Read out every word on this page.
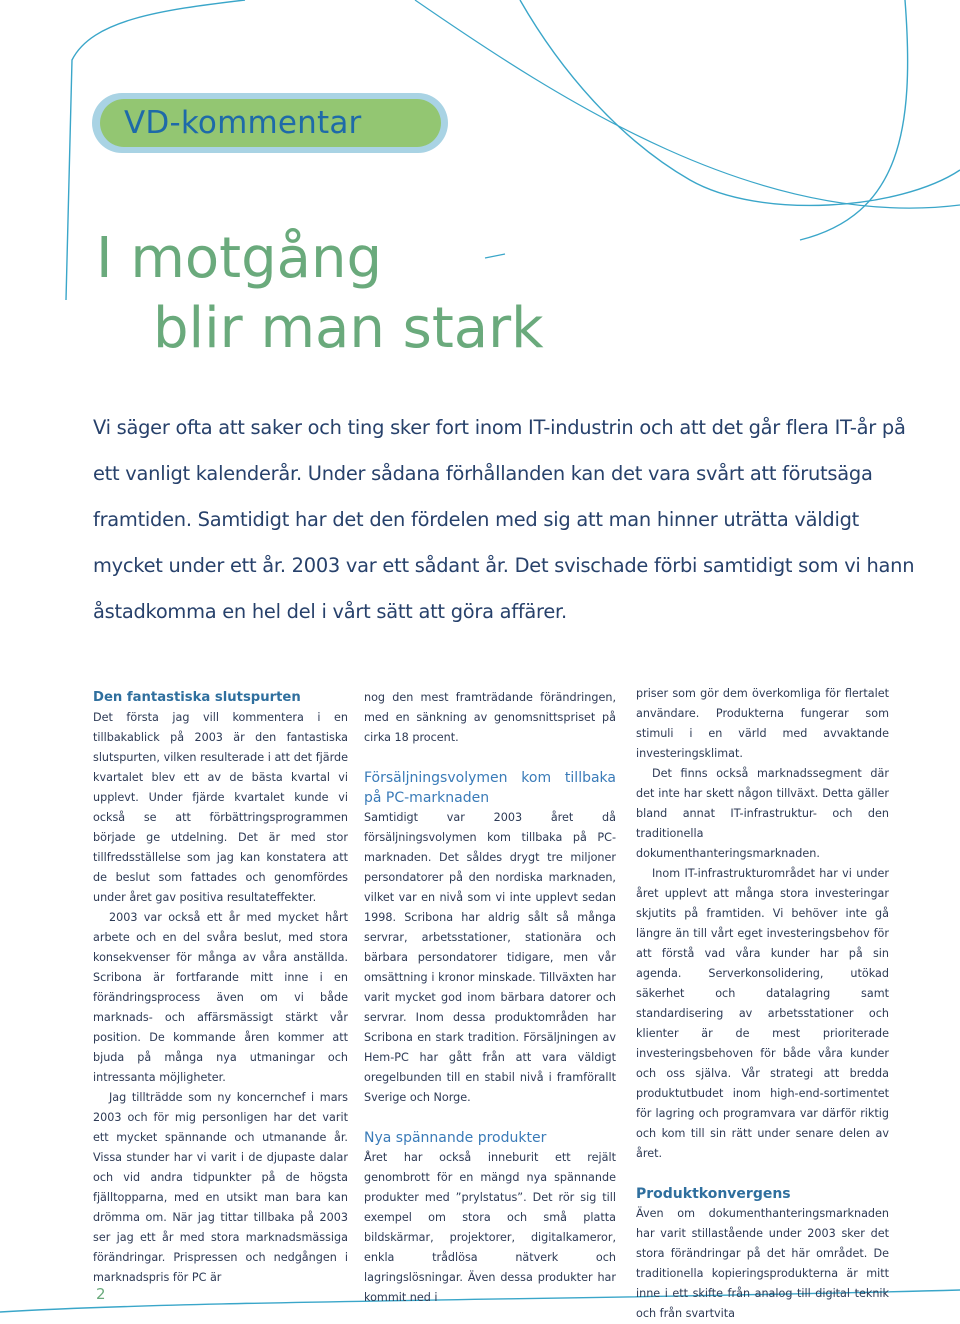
VD-kommentar
I motgång
blir man stark

Vi säger ofta att saker och ting sker fort inom IT-industrin och att det går flera IT-år på
ett vanligt kalenderår. Under sådana förhållanden kan det vara svårt att förutsäga
framtiden. Samtidigt har det den fördelen med sig att man hinner uträtta väldigt
mycket under ett år. 2003 var ett sådant år. Det svischade förbi samtidigt som vi hann
åstadkomma en hel del i vårt sätt att göra affärer.

Den fantastiska slutspurten

Det första jag vill kommentera i en tillbakablick på 2003 är den fantastiska slutspurten, vilken resulterade i att det fjärde kvartalet blev ett av de bästa kvartal vi upplevt. Under fjärde kvartalet kunde vi också se att förbättringsprogrammen började ge utdelning. Det är med stor tillfredsställelse som jag kan konstatera att de beslut som fattades och genomfördes under året gav positiva resultateffekter.

2003 var också ett år med mycket hårt arbete och en del svåra beslut, med stora konsekvenser för många av våra anställda. Scribona är fortfarande mitt inne i en förändringsprocess även om vi både marknads- och affärsmässigt stärkt vår position. De kommande åren kommer att bjuda på många nya utmaningar och intressanta möjligheter.

Jag tillträdde som ny koncernchef i mars 2003 och för mig personligen har det varit ett mycket spännande och utmanande år. Vissa stunder har vi varit i de djupaste dalar och vid andra tidpunkter på de högsta fjälltopparna, med en utsikt man bara kan drömma om. När jag tittar tillbaka på 2003 ser jag ett år med stora marknadsmässiga förändringar. Prispressen och nedgången i marknadspris för PC är

nog den mest framträdande förändringen, med en sänkning av genomsnittspriset på cirka 18 procent.

Försäljningsvolymen kom tillbaka på PC-marknaden

Samtidigt var 2003 året då försäljningsvolymen kom tillbaka på PC-marknaden. Det såldes drygt tre miljoner persondatorer på den nordiska marknaden, vilket var en nivå som vi inte upplevt sedan 1998. Scribona har aldrig sålt så många servrar, arbetsstationer, stationära och bärbara persondatorer tidigare, men vår omsättning i kronor minskade. Tillväxten har varit mycket god inom bärbara datorer och servrar. Inom dessa produktområden har Scribona en stark tradition. Försäljningen av Hem-PC har gått från att vara väldigt oregelbunden till en stabil nivå i framförallt Sverige och Norge.

Nya spännande produkter

Året har också inneburit ett rejält genombrott för en mängd nya spännande produkter med ”prylstatus”. Det rör sig till exempel om stora och små platta bildskärmar, projektorer, digitalkameror, enkla trådlösa nätverk och lagringslösningar. Även dessa produkter har kommit ned i

priser som gör dem överkomliga för flertalet användare. Produkterna fungerar som stimuli i en värld med avvaktande investeringsklimat.

Det finns också marknadssegment där det inte har skett någon tillväxt. Detta gäller bland annat IT-infrastruktur- och den traditionella dokumenthanteringsmarknaden.

Inom IT-infrastrukturområdet har vi under året upplevt att många stora investeringar skjutits på framtiden. Vi behöver inte gå längre än till vårt eget investeringsbehov för att förstå vad våra kunder har på sin agenda. Serverkonsolidering, utökad säkerhet och datalagring samt standardisering av arbetsstationer och klienter är de mest prioriterade investeringsbehoven för både våra kunder och oss själva. Vår strategi att bredda produktutbudet inom high-end-sortimentet för lagring och programvara var därför riktig och kom till sin rätt under senare delen av året.

Produktkonvergens

Även om dokumenthanteringsmarknaden har varit stillastående under 2003 sker det stora förändringar på det här området. De traditionella kopieringsprodukterna är mitt inne i ett skifte från analog till digital teknik och från svartvita

2
